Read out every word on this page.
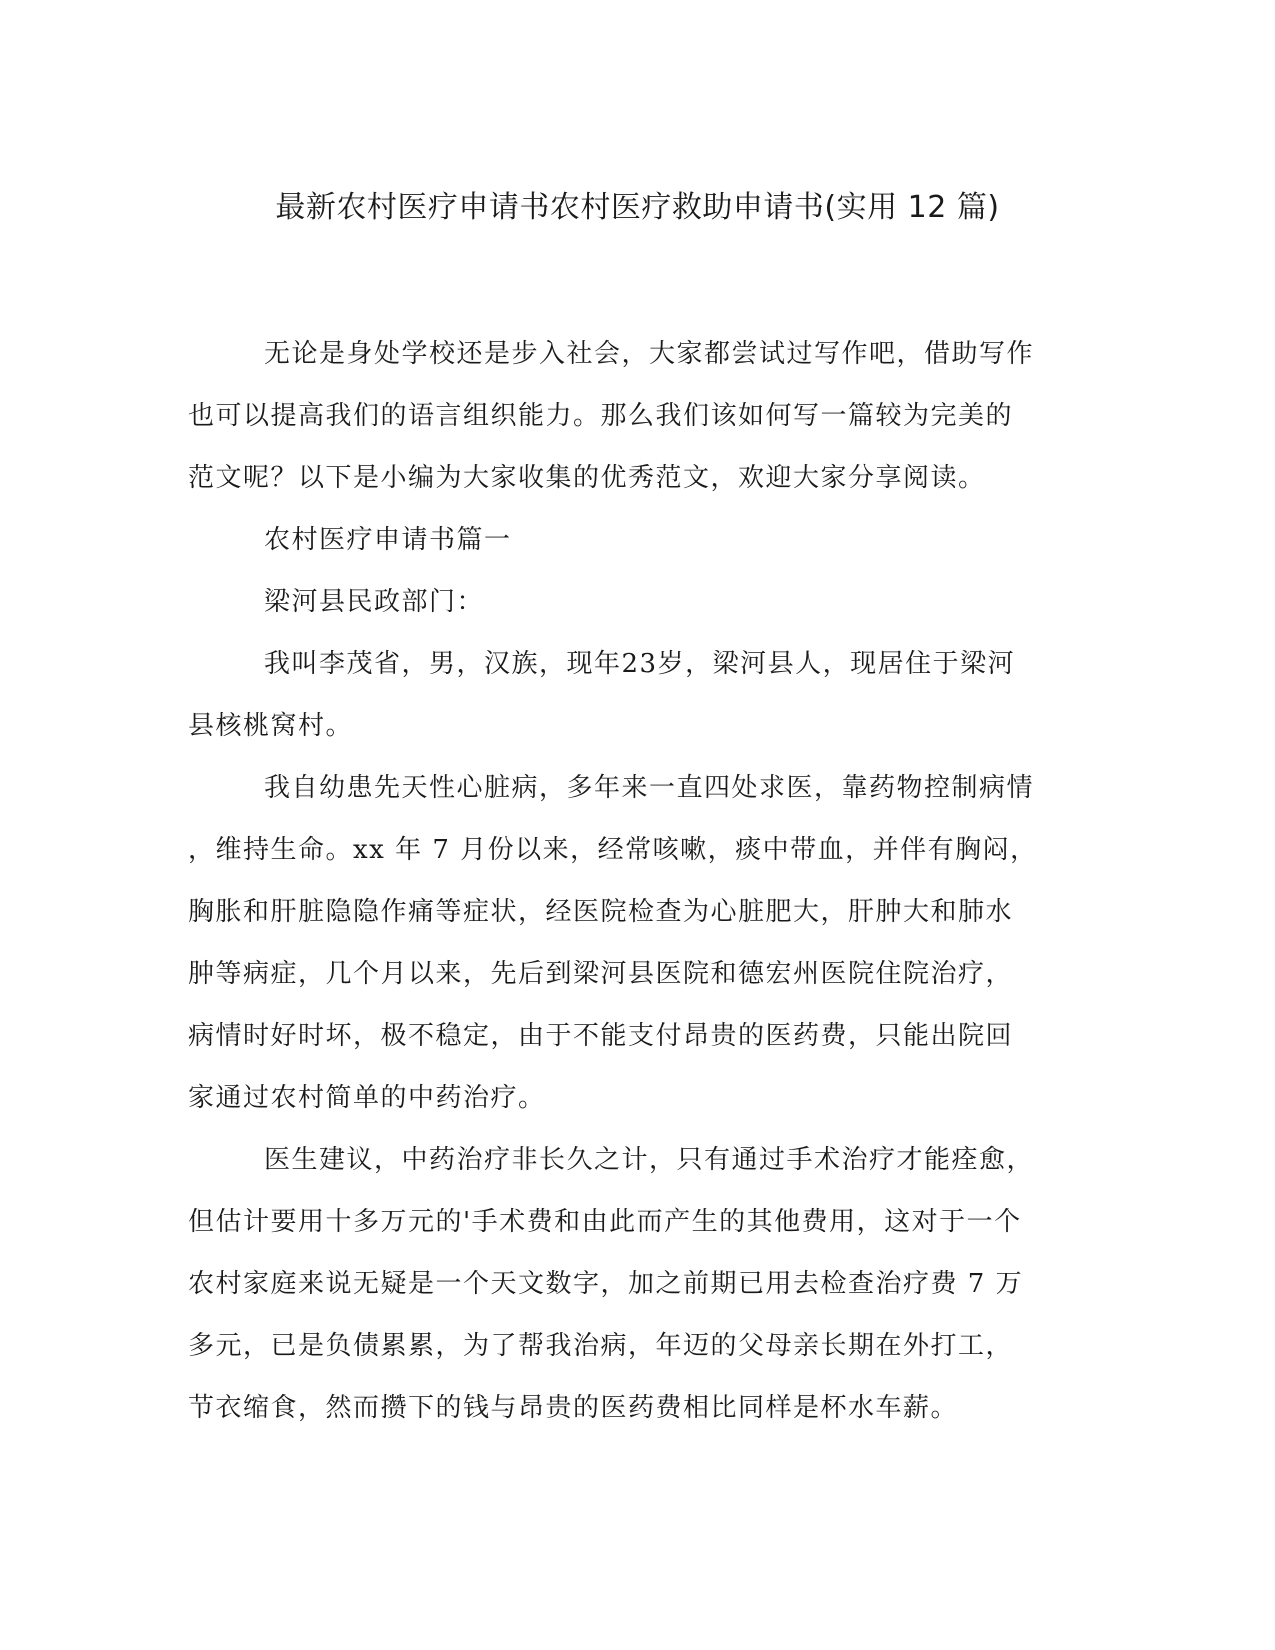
最新农村医疗申请书农村医疗救助申请书(实用 12 篇)
无论是身处学校还是步入社会，大家都尝试过写作吧，借助写作
也可以提高我们的语言组织能力。那么我们该如何写一篇较为完美的
范文呢？以下是小编为大家收集的优秀范文，欢迎大家分享阅读。
农村医疗申请书篇一
梁河县民政部门：
我叫李茂省，男，汉族，现年23岁，梁河县人，现居住于梁河
县核桃窝村。
我自幼患先天性心脏病，多年来一直四处求医，靠药物控制病情
，维持生命。xx 年 7 月份以来，经常咳嗽，痰中带血，并伴有胸闷，
胸胀和肝脏隐隐作痛等症状，经医院检查为心脏肥大，肝肿大和肺水
肿等病症，几个月以来，先后到梁河县医院和德宏州医院住院治疗，
病情时好时坏，极不稳定，由于不能支付昂贵的医药费，只能出院回
家通过农村简单的中药治疗。
医生建议，中药治疗非长久之计，只有通过手术治疗才能痊愈，
但估计要用十多万元的'手术费和由此而产生的其他费用，这对于一个
农村家庭来说无疑是一个天文数字，加之前期已用去检查治疗费 7 万
多元，已是负债累累，为了帮我治病，年迈的父母亲长期在外打工，
节衣缩食，然而攒下的钱与昂贵的医药费相比同样是杯水车薪。
